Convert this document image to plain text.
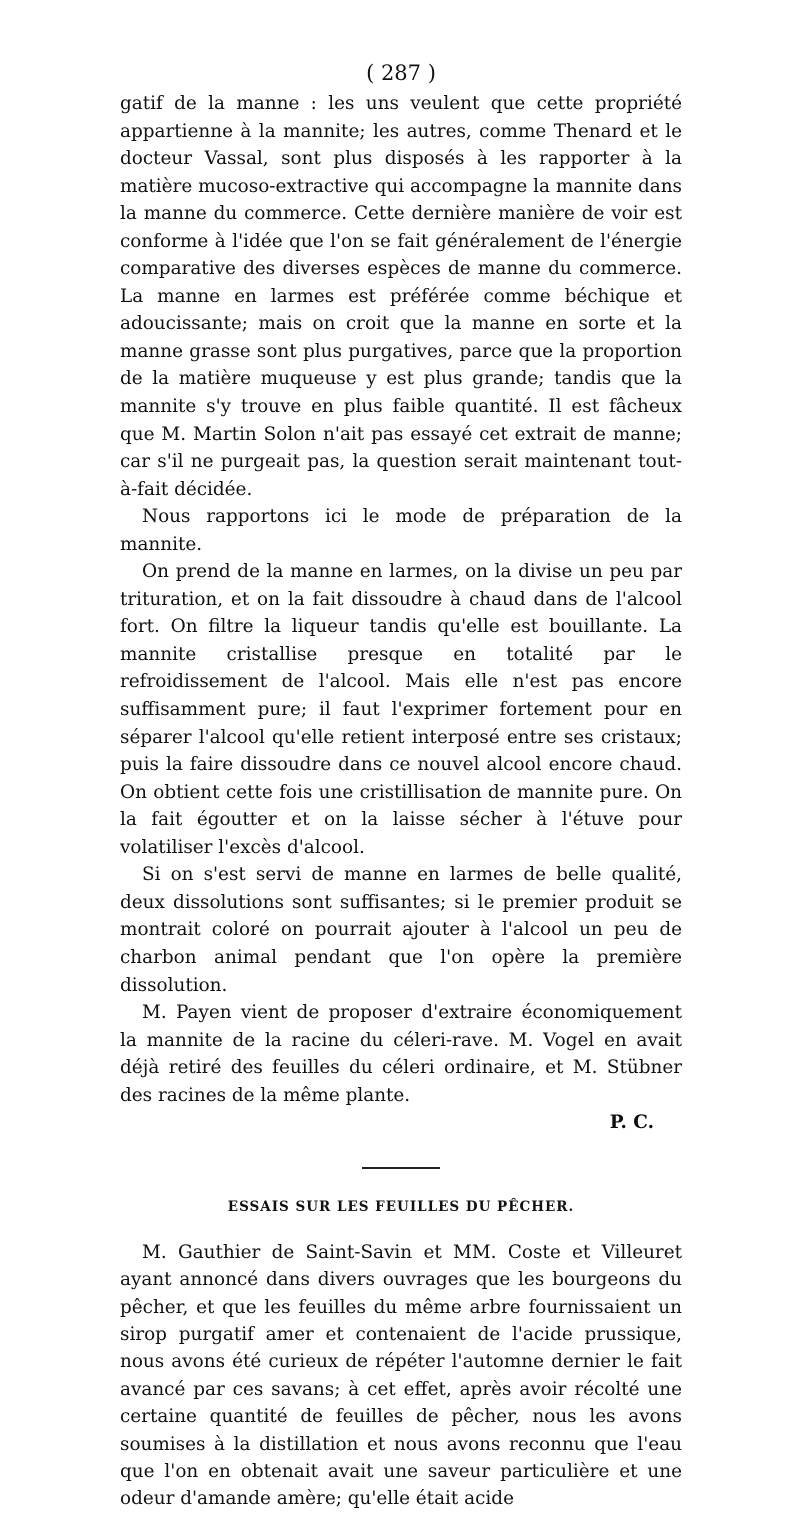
( 287 )

gatif de la manne : les uns veulent que cette propriété appartienne à la mannite; les autres, comme Thenard et le docteur Vassal, sont plus disposés à les rapporter à la matière mucoso-extractive qui accompagne la mannite dans la manne du commerce. Cette dernière manière de voir est conforme à l'idée que l'on se fait généralement de l'énergie comparative des diverses espèces de manne du commerce. La manne en larmes est préférée comme béchique et adoucissante; mais on croit que la manne en sorte et la manne grasse sont plus purgatives, parce que la proportion de la matière muqueuse y est plus grande; tandis que la mannite s'y trouve en plus faible quantité. Il est fâcheux que M. Martin Solon n'ait pas essayé cet extrait de manne; car s'il ne purgeait pas, la question serait maintenant tout-à-fait décidée.

Nous rapportons ici le mode de préparation de la mannite.

On prend de la manne en larmes, on la divise un peu par trituration, et on la fait dissoudre à chaud dans de l'alcool fort. On filtre la liqueur tandis qu'elle est bouillante. La mannite cristallise presque en totalité par le refroidissement de l'alcool. Mais elle n'est pas encore suffisamment pure; il faut l'exprimer fortement pour en séparer l'alcool qu'elle retient interposé entre ses cristaux; puis la faire dissoudre dans ce nouvel alcool encore chaud. On obtient cette fois une cristillisation de mannite pure. On la fait égoutter et on la laisse sécher à l'étuve pour volatiliser l'excès d'alcool.

Si on s'est servi de manne en larmes de belle qualité, deux dissolutions sont suffisantes; si le premier produit se montrait coloré on pourrait ajouter à l'alcool un peu de charbon animal pendant que l'on opère la première dissolution.

M. Payen vient de proposer d'extraire économiquement la mannite de la racine du céleri-rave. M. Vogel en avait déjà retiré des feuilles du céleri ordinaire, et M. Stübner des racines de la même plante.

P. C.
ESSAIS SUR LES FEUILLES DU PÊCHER.

M. Gauthier de Saint-Savin et MM. Coste et Villeuret ayant annoncé dans divers ouvrages que les bourgeons du pêcher, et que les feuilles du même arbre fournissaient un sirop purgatif amer et contenaient de l'acide prussique, nous avons été curieux de répéter l'automne dernier le fait avancé par ces savans; à cet effet, après avoir récolté une certaine quantité de feuilles de pêcher, nous les avons soumises à la distillation et nous avons reconnu que l'eau que l'on en obtenait avait une saveur particulière et une odeur d'amande amère; qu'elle était acide
